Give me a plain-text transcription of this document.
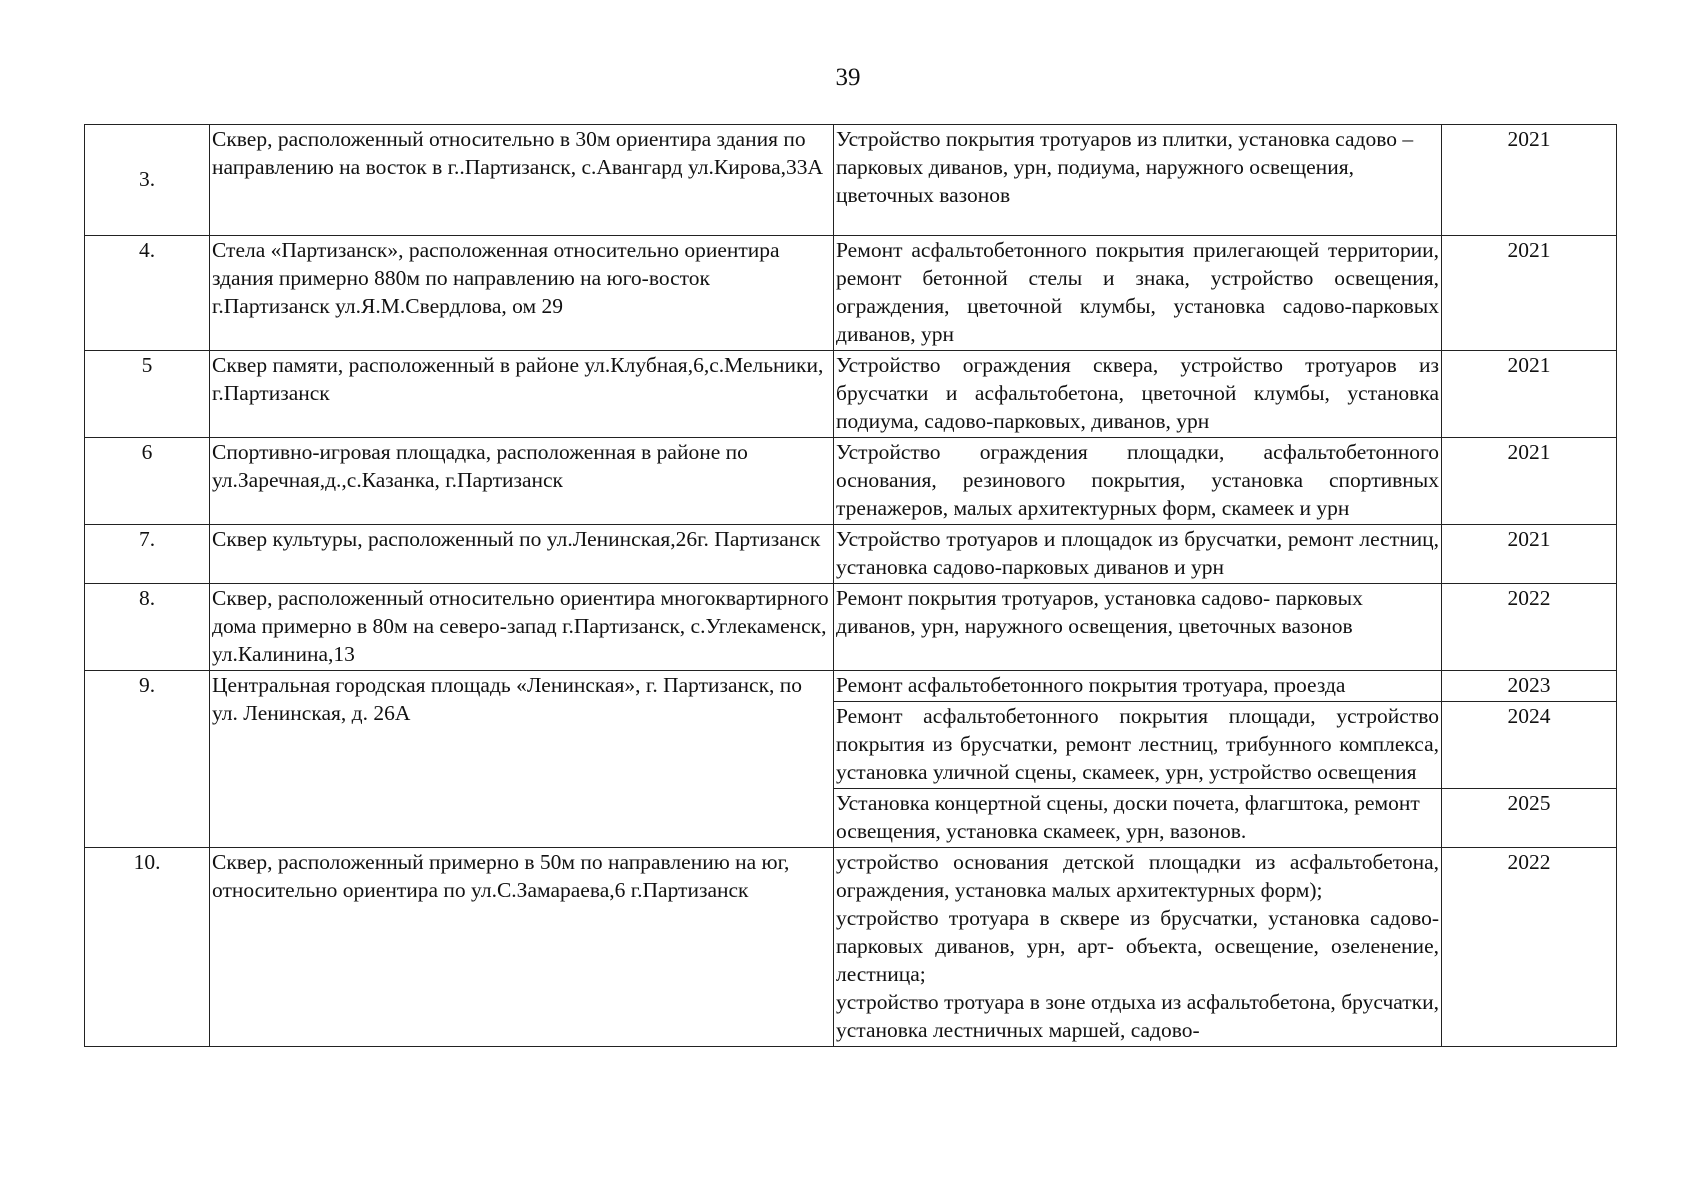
39
3.	Сквер, расположенный относительно в 30м ориентира здания по направлению на восток в г..Партизанск, с.Авангард ул.Кирова,33А	Устройство покрытия тротуаров из плитки, установка садово – парковых диванов, урн, подиума, наружного освещения, цветочных вазонов	2021
4.	Стела «Партизанск», расположенная относительно ориентира здания примерно 880м по направлению на юго-восток г.Партизанск ул.Я.М.Свердлова, ом 29	Ремонт асфальтобетонного покрытия прилегающей территории, ремонт бетонной стелы и знака, устройство освещения, ограждения, цветочной клумбы, установка садово-парковых диванов, урн	2021
5	Сквер памяти, расположенный в районе ул.Клубная,6,с.Мельники, г.Партизанск	Устройство ограждения сквера, устройство тротуаров из брусчатки и асфальтобетона, цветочной клумбы, установка подиума, садово-парковых, диванов, урн	2021
6	Спортивно-игровая площадка, расположенная в районе по ул.Заречная,д.,с.Казанка, г.Партизанск	Устройство ограждения площадки, асфальтобетонного основания, резинового покрытия, установка спортивных тренажеров, малых архитектурных форм, скамеек и урн	2021
7.	Сквер культуры, расположенный по ул.Ленинская,26г. Партизанск	Устройство тротуаров и площадок из брусчатки, ремонт лестниц, установка садово-парковых диванов и урн	2021
8.	Сквер, расположенный относительно ориентира многоквартирного дома примерно в 80м на северо-запад г.Партизанск, с.Углекаменск, ул.Калинина,13	Ремонт покрытия тротуаров, установка садово- парковых диванов, урн, наружного освещения, цветочных вазонов	2022
9.	Центральная городская площадь «Ленинская», г. Партизанск, по ул. Ленинская, д. 26А	Ремонт асфальтобетонного покрытия тротуара, проезда	2023
		Ремонт асфальтобетонного покрытия площади, устройство покрытия из брусчатки, ремонт лестниц, трибунного комплекса, установка уличной сцены, скамеек, урн, устройство освещения	2024
		Установка концертной сцены, доски почета, флагштока, ремонт освещения, установка скамеек, урн, вазонов.	2025
10.	Сквер, расположенный примерно в 50м по направлению на юг, относительно ориентира по ул.С.Замараева,6 г.Партизанск	устройство основания детской площадки из асфальтобетона, ограждения, установка малых архитектурных форм);
устройство тротуара в сквере из брусчатки, установка садово-парковых диванов, урн, арт- объекта, освещение, озеленение, лестница;
устройство тротуара в зоне отдыха из асфальтобетона, брусчатки, установка лестничных маршей, садово-	2022
